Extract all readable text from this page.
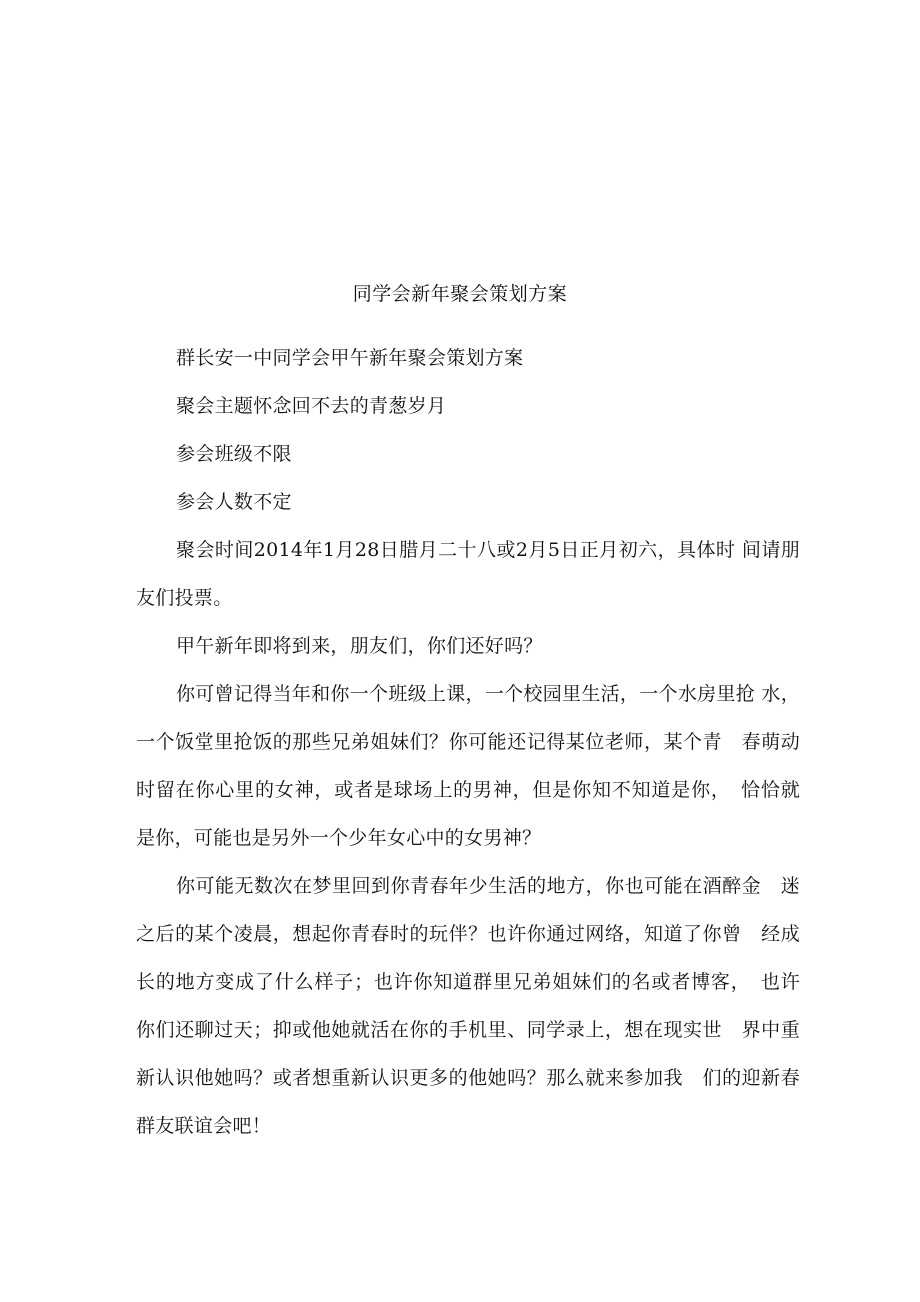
同学会新年聚会策划方案

群长安一中同学会甲午新年聚会策划方案

聚会主题怀念回不去的青葱岁月

参会班级不限

参会人数不定

聚会时间2014年1月28日腊月二十八或2月5日正月初六，具体时 间请朋友们投票。

甲午新年即将到来，朋友们，你们还好吗？

你可曾记得当年和你一个班级上课，一个校园里生活，一个水房里抢 水，一个饭堂里抢饭的那些兄弟姐妹们？你可能还记得某位老师，某个青　春萌动时留在你心里的女神，或者是球场上的男神，但是你知不知道是你，　恰恰就是你，可能也是另外一个少年女心中的女男神？

你可能无数次在梦里回到你青春年少生活的地方，你也可能在酒醉金　迷之后的某个凌晨，想起你青春时的玩伴？也许你通过网络，知道了你曾　经成长的地方变成了什么样子；也许你知道群里兄弟姐妹们的名或者博客，　也许你们还聊过天；抑或他她就活在你的手机里、同学录上，想在现实世　界中重新认识他她吗？或者想重新认识更多的他她吗？那么就来参加我　们的迎新春群友联谊会吧！
